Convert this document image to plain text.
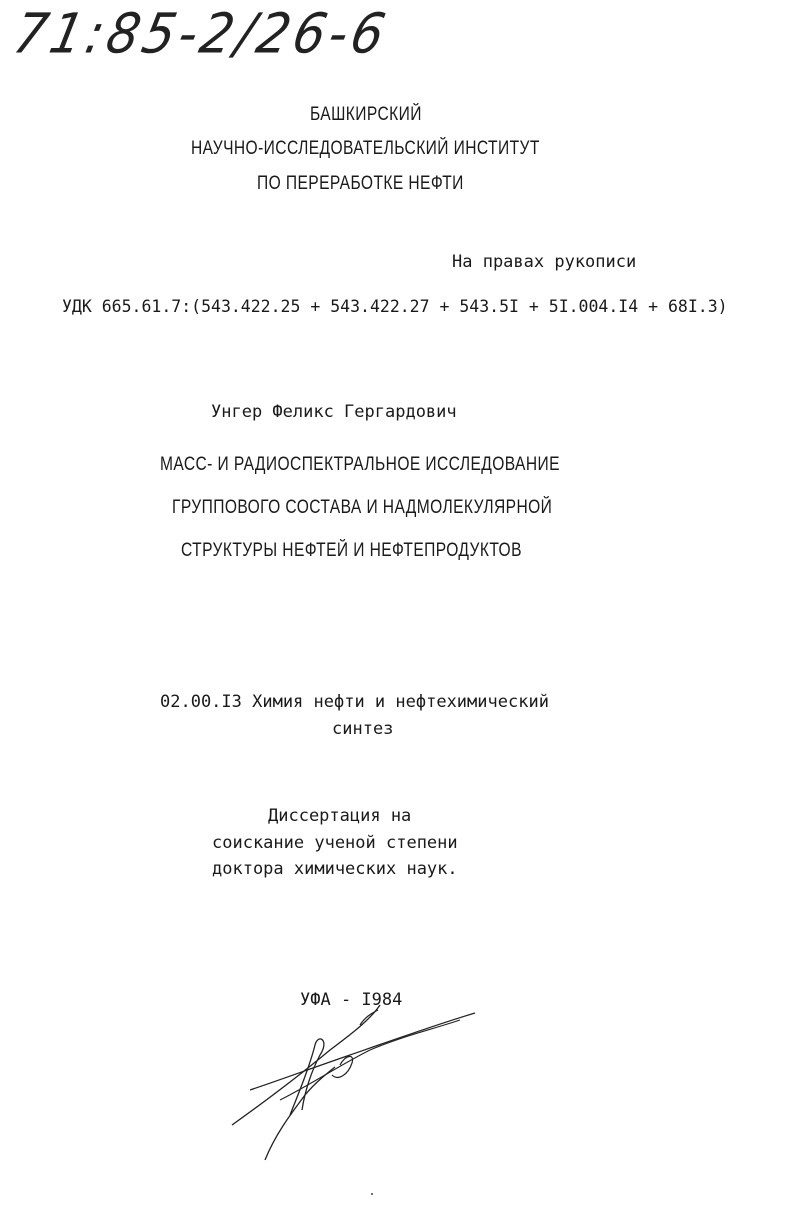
71:85-2/26-6
БАШКИРСКИЙ
НАУЧНО-ИССЛЕДОВАТЕЛЬСКИЙ ИНСТИТУТ
ПО ПЕРЕРАБОТКЕ НЕФТИ
На правах рукописи
УДК 665.61.7:(543.422.25 + 543.422.27 + 543.5I + 5I.004.I4 + 68I.3)
Унгер Феликс Гергардович
МАСС- И РАДИОСПЕКТРАЛЬНОЕ ИССЛЕДОВАНИЕ
ГРУППОВОГО СОСТАВА И НАДМОЛЕКУЛЯРНОЙ
СТРУКТУРЫ НЕФТЕЙ И НЕФТЕПРОДУКТОВ
02.00.I3 Химия нефти и нефтехимический
синтез
Диссертация на
соискание ученой степени
доктора химических наук.
УФА - I984
